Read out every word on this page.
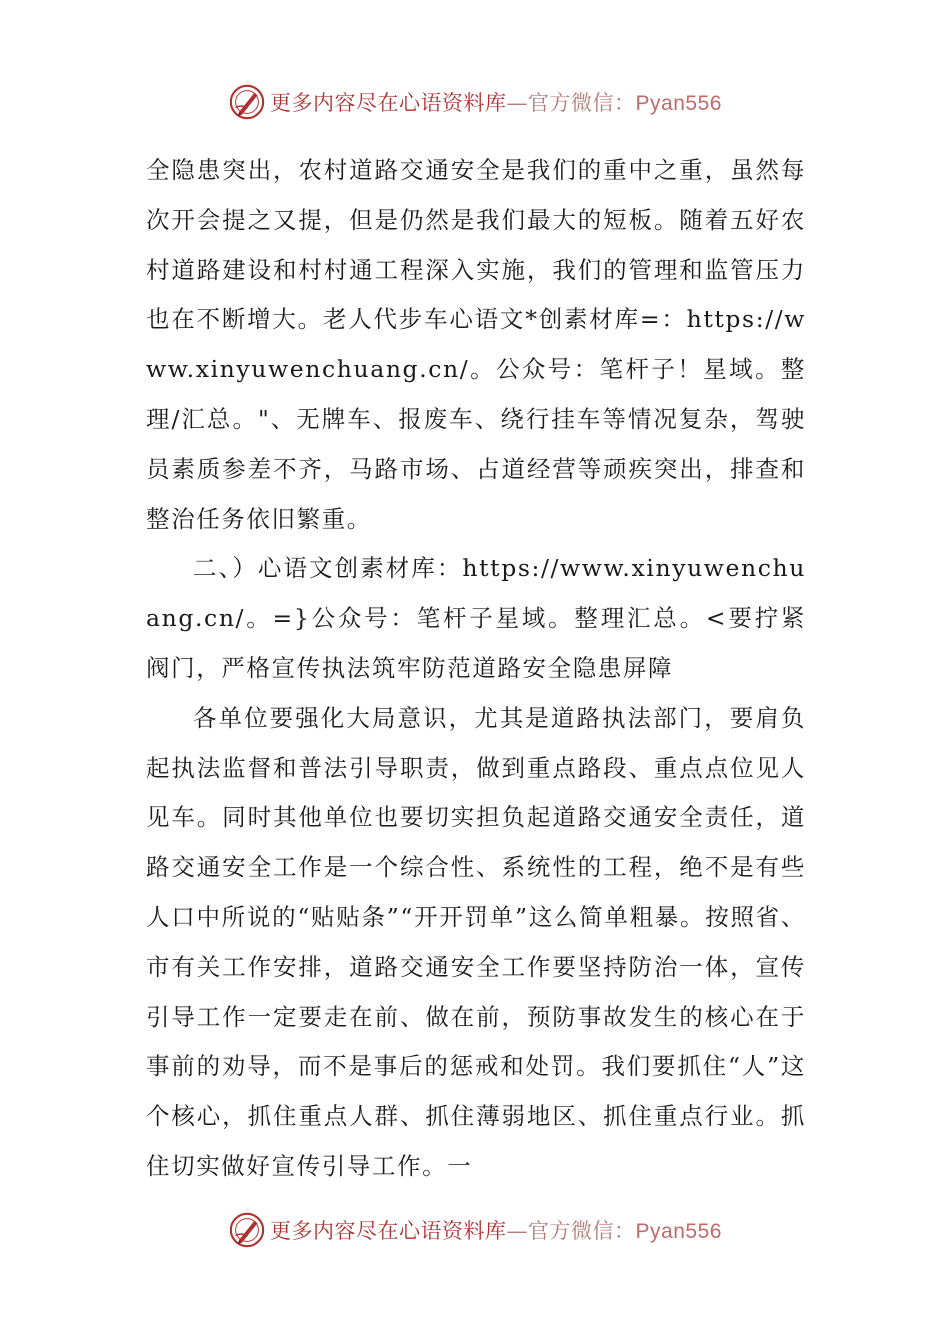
更多内容尽在心语资料库—官方微信：Pyan556

全隐患突出，农村道路交通安全是我们的重中之重，虽然每次开会提之又提，但是仍然是我们最大的短板。随着五好农村道路建设和村村通工程深入实施，我们的管理和监管压力也在不断增大。老人代步车心语文*创素材库=：https://www.xinyuwenchuang.cn/。公众号：笔杆子！星域。整理/汇总。"、无牌车、报废车、绕行挂车等情况复杂，驾驶员素质参差不齐，马路市场、占道经营等顽疾突出，排查和整治任务依旧繁重。

二、）心语文创素材库：https://www.xinyuwenchuang.cn/。=}公众号：笔杆子星域。整理汇总。<要拧紧阀门，严格宣传执法筑牢防范道路安全隐患屏障

各单位要强化大局意识，尤其是道路执法部门，要肩负起执法监督和普法引导职责，做到重点路段、重点点位见人见车。同时其他单位也要切实担负起道路交通安全责任，道路交通安全工作是一个综合性、系统性的工程，绝不是有些人口中所说的“贴贴条”“开开罚单”这么简单粗暴。按照省、市有关工作安排，道路交通安全工作要坚持防治一体，宣传引导工作一定要走在前、做在前，预防事故发生的核心在于事前的劝导，而不是事后的惩戒和处罚。我们要抓住“人”这个核心，抓住重点人群、抓住薄弱地区、抓住重点行业。抓住切实做好宣传引导工作。一

更多内容尽在心语资料库—官方微信：Pyan556
